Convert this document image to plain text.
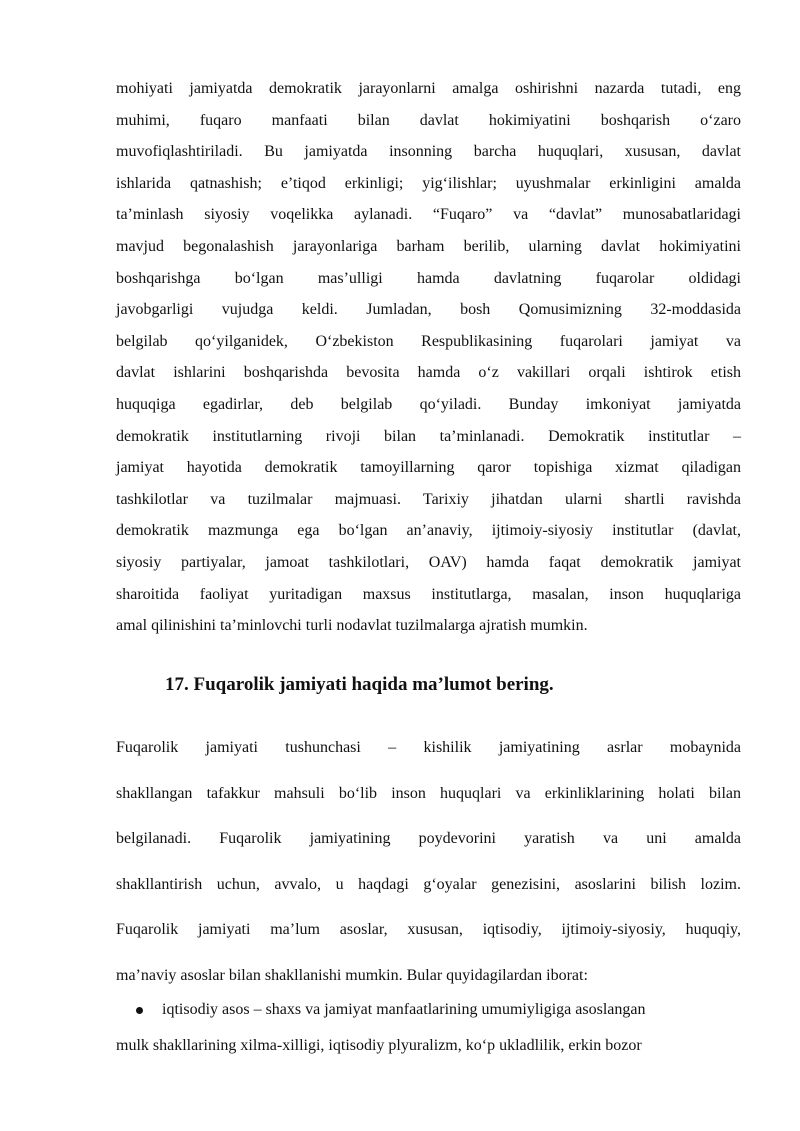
mohiyati jamiyatda demokratik jarayonlarni amalga oshirishni nazarda tutadi, eng
muhimi, fuqaro manfaati bilan davlat hokimiyatini boshqarish o‘zaro
muvofiqlashtiriladi. Bu jamiyatda insonning barcha huquqlari, xususan, davlat
ishlarida qatnashish; e’tiqod erkinligi; yig‘ilishlar; uyushmalar erkinligini amalda
ta’minlash siyosiy voqelikka aylanadi. “Fuqaro” va “davlat” munosabatlaridagi
mavjud begonalashish jarayonlariga barham berilib, ularning davlat hokimiyatini
boshqarishga bo‘lgan mas’ulligi hamda davlatning fuqarolar oldidagi
javobgarligi vujudga keldi. Jumladan, bosh Qomusimizning 32-moddasida
belgilab qo‘yilganidek, O‘zbekiston Respublikasining fuqarolari jamiyat va
davlat ishlarini boshqarishda bevosita hamda o‘z vakillari orqali ishtirok etish
huquqiga egadirlar, deb belgilab qo‘yiladi. Bunday imkoniyat jamiyatda
demokratik institutlarning rivoji bilan ta’minlanadi. Demokratik institutlar –
jamiyat hayotida demokratik tamoyillarning qaror topishiga xizmat qiladigan
tashkilotlar va tuzilmalar majmuasi. Tarixiy jihatdan ularni shartli ravishda
demokratik mazmunga ega bo‘lgan an’anaviy, ijtimoiy-siyosiy institutlar (davlat,
siyosiy partiyalar, jamoat tashkilotlari, OAV) hamda faqat demokratik jamiyat
sharoitida faoliyat yuritadigan maxsus institutlarga, masalan, inson huquqlariga
amal qilinishini ta’minlovchi turli nodavlat tuzilmalarga ajratish mumkin.
17. Fuqarolik jamiyati haqida ma’lumot bering.
Fuqarolik jamiyati tushunchasi – kishilik jamiyatining asrlar mobaynida
shakllangan tafakkur mahsuli bo‘lib inson huquqlari va erkinliklarining holati bilan
belgilanadi. Fuqarolik jamiyatining poydevorini yaratish va uni amalda
shakllantirish uchun, avvalo, u haqdagi g‘oyalar genezisini, asoslarini bilish lozim.
Fuqarolik jamiyati ma’lum asoslar, xususan, iqtisodiy, ijtimoiy-siyosiy, huquqiy,
ma’naviy asoslar bilan shakllanishi mumkin. Bular quyidagilardan iborat:
iqtisodiy asos – shaxs va jamiyat manfaatlarining umumiyligiga asoslangan
mulk shakllarining xilma-xilligi, iqtisodiy plyuralizm, ko‘p ukladlilik, erkin bozor
